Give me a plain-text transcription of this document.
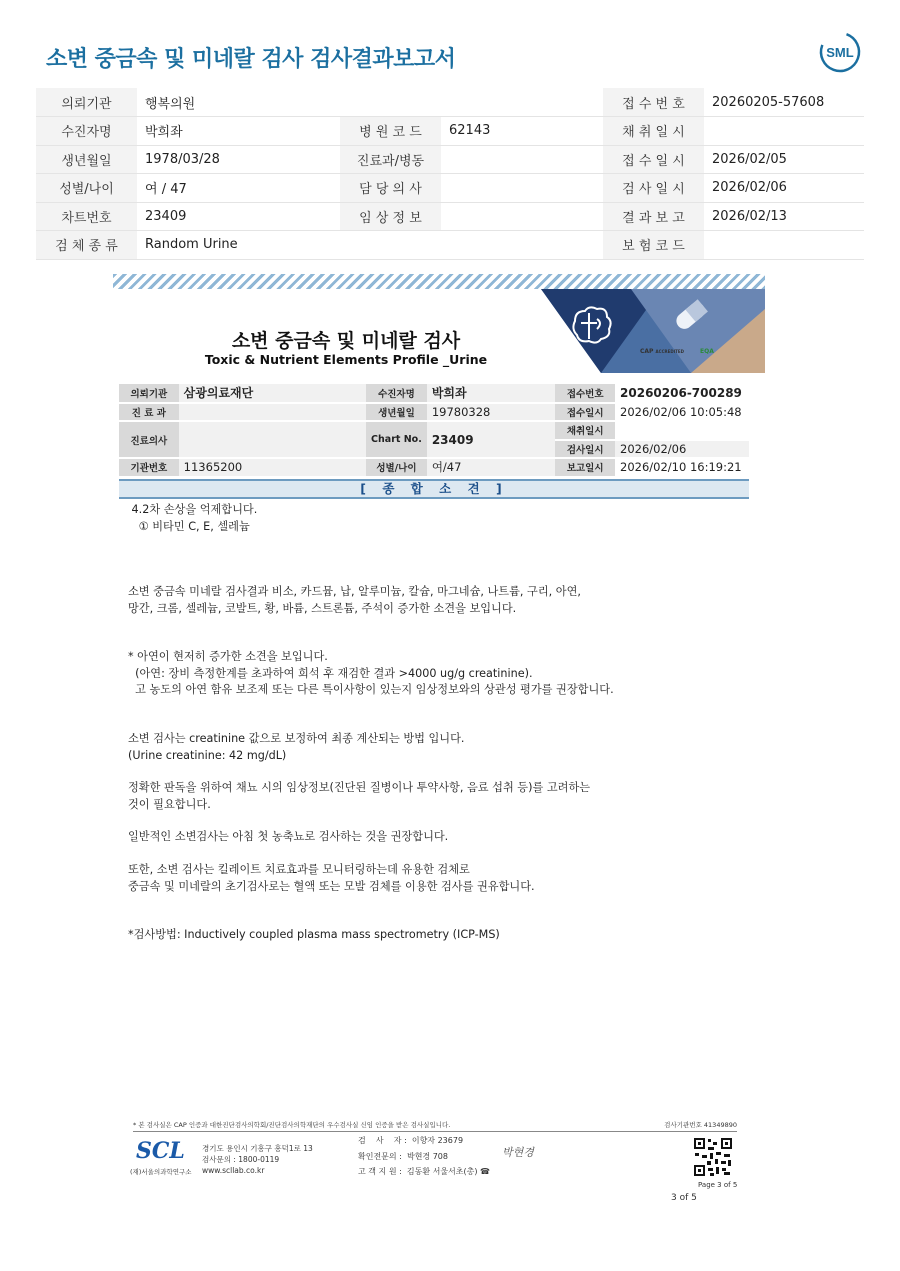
소변 중금속 및 미네랄 검사 검사결과보고서	SML
의뢰기관	행복의원			접 수 번 호	20260205-57608
수진자명	박희좌	병 원 코 드	62143	채 취 일 시	
생년월일	1978/03/28	진료과/병동		접 수 일 시	2026/02/05
성별/나이	여 / 47	담 당 의 사		검 사 일 시	2026/02/06
차트번호	23409	임 상 정 보		결 과 보 고	2026/02/13
검 체 종 류	Random Urine			보 험 코 드	
CAP ACCREDITED	EQA
소변 중금속 및 미네랄 검사
Toxic & Nutrient Elements Profile _Urine
의뢰기관	삼광의료재단	수진자명	박희좌	접수번호	20260206-700289
진 료 과		생년월일	19780328	접수일시	2026/02/06 10:05:48
진료의사		Chart No.	23409	채취일시	
				검사일시	2026/02/06
기관번호	11365200	성별/나이	여/47	보고일시	2026/02/10 16:19:21
[ 종 합 소 견 ]
4.2차 손상을 억제합니다.
① 비타민 C, E, 셀레늄
소변 중금속 미네랄 검사결과 비소, 카드뮴, 납, 알루미늄, 칼슘, 마그네슘, 나트륨, 구리, 아연,
망간, 크롬, 셀레늄, 코발트, 황, 바륨, 스트론튬, 주석이 증가한 소견을 보입니다.
* 아연이 현저히 증가한 소견을 보입니다.
(아연: 장비 측정한계를 초과하여 희석 후 재검한 결과 >4000 ug/g creatinine).
고 농도의 아연 함유 보조제 또는 다른 특이사항이 있는지 임상정보와의 상관성 평가를 권장합니다.
소변 검사는 creatinine 값으로 보정하여 최종 계산되는 방법 입니다.
(Urine creatinine: 42 mg/dL)
정확한 판독을 위하여 채뇨 시의 임상정보(진단된 질병이나 투약사항, 음료 섭취 등)를 고려하는
것이 필요합니다.
일반적인 소변검사는 아침 첫 농축뇨로 검사하는 것을 권장합니다.
또한, 소변 검사는 킬레이트 치료효과를 모니터링하는데 유용한 검체로
중금속 및 미네랄의 초기검사로는 혈액 또는 모발 검체를 이용한 검사를 권유합니다.
*검사방법: Inductively coupled plasma mass spectrometry (ICP-MS)
* 본 검사실은 CAP 인증과 대한진단검사의학회/진단검사의학재단의 우수검사실 신임 인증을 받은 검사실입니다.	검사기관번호 41349890
SCL
(재)서울의과학연구소
경기도 용인시 기흥구 흥덕1로 13
검사문의 : 1800-0119
www.scllab.co.kr
검    사    자 :  이향자 23679
확인전문의 :  박현경 708
고 객 지 원 :  김동환 서울서초(총) ☎
박현경
Page 3 of 5
3 of 5
